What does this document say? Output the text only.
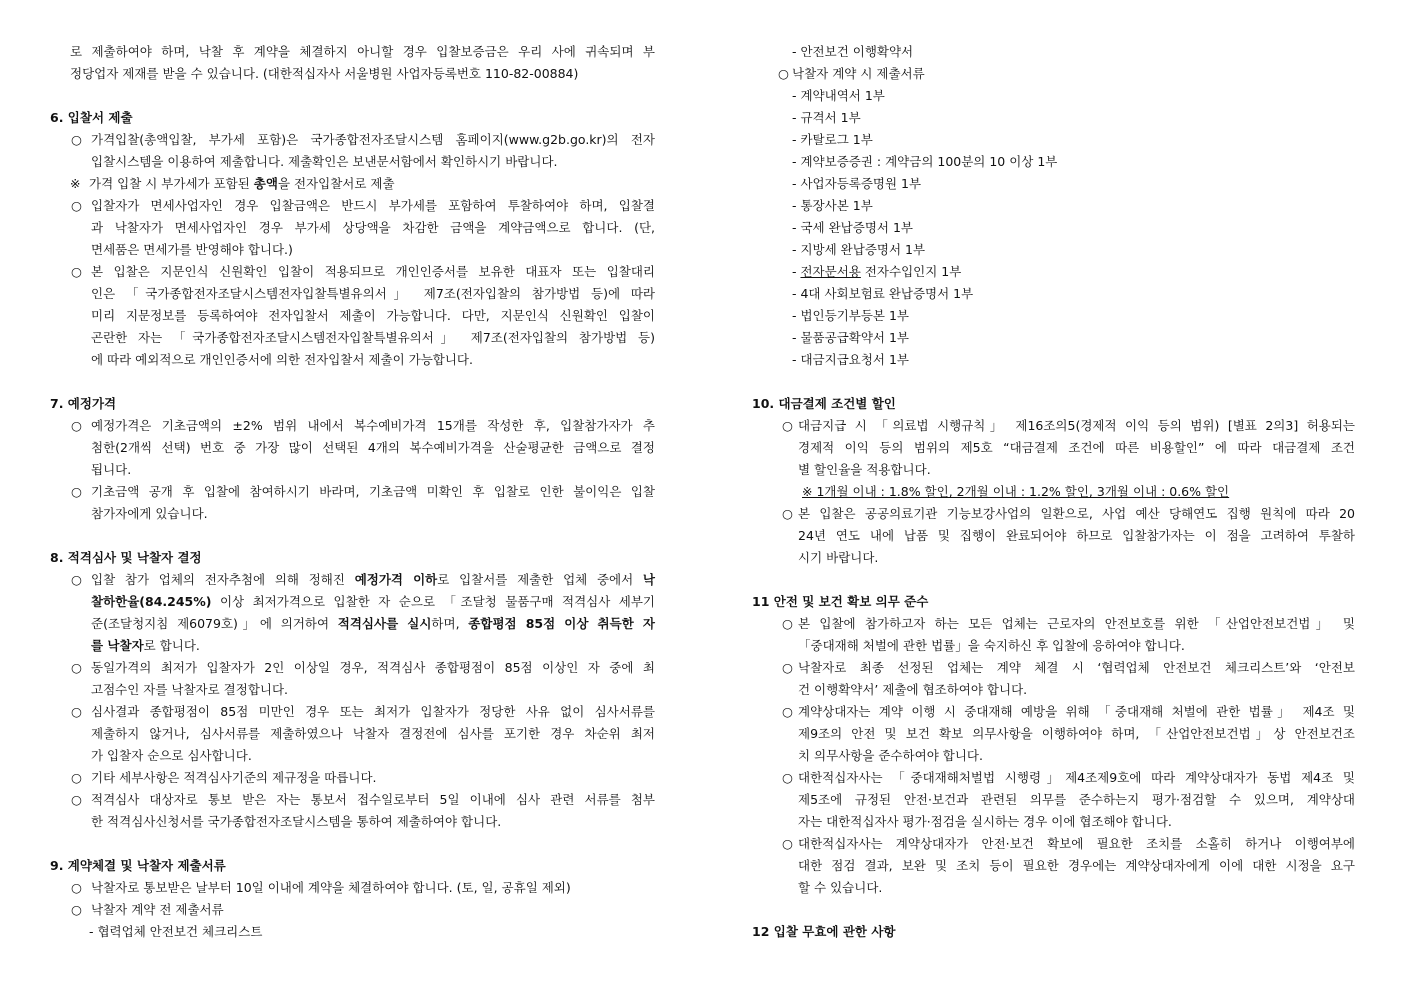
로 제출하여야 하며, 낙찰 후 계약을 체결하지 아니할 경우 입찰보증금은 우리 사에 귀속되며 부
정당업자 제재를 받을 수 있습니다. (대한적십자사 서울병원 사업자등록번호 110-82-00884)
6. 입찰서 제출
○ 가격입찰(총액입찰, 부가세 포함)은 국가종합전자조달시스템 홈페이지(www.g2b.go.kr)의 전자
입찰시스템을 이용하여 제출합니다. 제출확인은 보낸문서함에서 확인하시기 바랍니다.
※ 가격 입찰 시 부가세가 포함된 총액을 전자입찰서로 제출
○ 입찰자가 면세사업자인 경우 입찰금액은 반드시 부가세를 포함하여 투찰하여야 하며, 입찰결
과 낙찰자가 면세사업자인 경우 부가세 상당액을 차감한 금액을 계약금액으로 합니다. (단,
면세품은 면세가를 반영해야 합니다.)
○ 본 입찰은 지문인식 신원확인 입찰이 적용되므로 개인인증서를 보유한 대표자 또는 입찰대리
인은 「국가종합전자조달시스템전자입찰특별유의서」 제7조(전자입찰의 참가방법 등)에 따라
미리 지문정보를 등록하여야 전자입찰서 제출이 가능합니다. 다만, 지문인식 신원확인 입찰이
곤란한 자는 「국가종합전자조달시스템전자입찰특별유의서」 제7조(전자입찰의 참가방법 등)
에 따라 예외적으로 개인인증서에 의한 전자입찰서 제출이 가능합니다.
7. 예정가격
○ 예정가격은 기초금액의 ±2% 범위 내에서 복수예비가격 15개를 작성한 후, 입찰참가자가 추
첨한(2개씩 선택) 번호 중 가장 많이 선택된 4개의 복수예비가격을 산술평균한 금액으로 결정
됩니다.
○ 기초금액 공개 후 입찰에 참여하시기 바라며, 기초금액 미확인 후 입찰로 인한 불이익은 입찰
참가자에게 있습니다.
8. 적격심사 및 낙찰자 결정
○ 입찰 참가 업체의 전자추첨에 의해 정해진 예정가격 이하로 입찰서를 제출한 업체 중에서 낙
찰하한율(84.245%) 이상 최저가격으로 입찰한 자 순으로 「조달청 물품구매 적격심사 세부기
준(조달청지침 제6079호)」에 의거하여 적격심사를 실시하며, 종합평점 85점 이상 취득한 자
를 낙찰자로 합니다.
○ 동일가격의 최저가 입찰자가 2인 이상일 경우, 적격심사 종합평점이 85점 이상인 자 중에 최
고점수인 자를 낙찰자로 결정합니다.
○ 심사결과 종합평점이 85점 미만인 경우 또는 최저가 입찰자가 정당한 사유 없이 심사서류를
제출하지 않거나, 심사서류를 제출하였으나 낙찰자 결정전에 심사를 포기한 경우 차순위 최저
가 입찰자 순으로 심사합니다.
○ 기타 세부사항은 적격심사기준의 제규정을 따릅니다.
○ 적격심사 대상자로 통보 받은 자는 통보서 접수일로부터 5일 이내에 심사 관련 서류를 첨부
한 적격심사신청서를 국가종합전자조달시스템을 통하여 제출하여야 합니다.
9. 계약체결 및 낙찰자 제출서류
○ 낙찰자로 통보받은 날부터 10일 이내에 계약을 체결하여야 합니다. (토, 일, 공휴일 제외)
○ 낙찰자 계약 전 제출서류
- 협력업체 안전보건 체크리스트
- 안전보건 이행확약서
○ 낙찰자 계약 시 제출서류
- 계약내역서 1부
- 규격서 1부
- 카탈로그 1부
- 계약보증증권 : 계약금의 100분의 10 이상 1부
- 사업자등록증명원 1부
- 통장사본 1부
- 국세 완납증명서 1부
- 지방세 완납증명서 1부
- 전자문서용 전자수입인지 1부
- 4대 사회보험료 완납증명서 1부
- 법인등기부등본 1부
- 물품공급확약서 1부
- 대금지급요청서 1부
10. 대금결제 조건별 할인
○ 대금지급 시 「의료법 시행규칙」 제16조의5(경제적 이익 등의 범위) [별표 2의3] 허용되는
경제적 이익 등의 범위의 제5호 “대금결제 조건에 따른 비용할인” 에 따라 대금결제 조건
별 할인율을 적용합니다.
※ 1개월 이내 : 1.8% 할인, 2개월 이내 : 1.2% 할인, 3개월 이내 : 0.6% 할인
○ 본 입찰은 공공의료기관 기능보강사업의 일환으로, 사업 예산 당해연도 집행 원칙에 따라 20
24년 연도 내에 납품 및 집행이 완료되어야 하므로 입찰참가자는 이 점을 고려하여 투찰하
시기 바랍니다.
11 안전 및 보건 확보 의무 준수
○ 본 입찰에 참가하고자 하는 모든 업체는 근로자의 안전보호를 위한 「산업안전보건법」 및
「중대재해 처벌에 관한 법률」을 숙지하신 후 입찰에 응하여야 합니다.
○ 낙찰자로 최종 선정된 업체는 계약 체결 시 ‘협력업체 안전보건 체크리스트’와 ‘안전보
건 이행확약서’ 제출에 협조하여야 합니다.
○ 계약상대자는 계약 이행 시 중대재해 예방을 위해 「중대재해 처벌에 관한 법률」 제4조 및
제9조의 안전 및 보건 확보 의무사항을 이행하여야 하며, 「산업안전보건법」상 안전보건조
치 의무사항을 준수하여야 합니다.
○ 대한적십자사는 「중대재해처벌법 시행령」제4조제9호에 따라 계약상대자가 동법 제4조 및
제5조에 규정된 안전·보건과 관련된 의무를 준수하는지 평가·점검할 수 있으며, 계약상대
자는 대한적십자사 평가·점검을 실시하는 경우 이에 협조해야 합니다.
○ 대한적십자사는 계약상대자가 안전·보건 확보에 필요한 조치를 소홀히 하거나 이행여부에
대한 점검 결과, 보완 및 조치 등이 필요한 경우에는 계약상대자에게 이에 대한 시정을 요구
할 수 있습니다.
12 입찰 무효에 관한 사항
